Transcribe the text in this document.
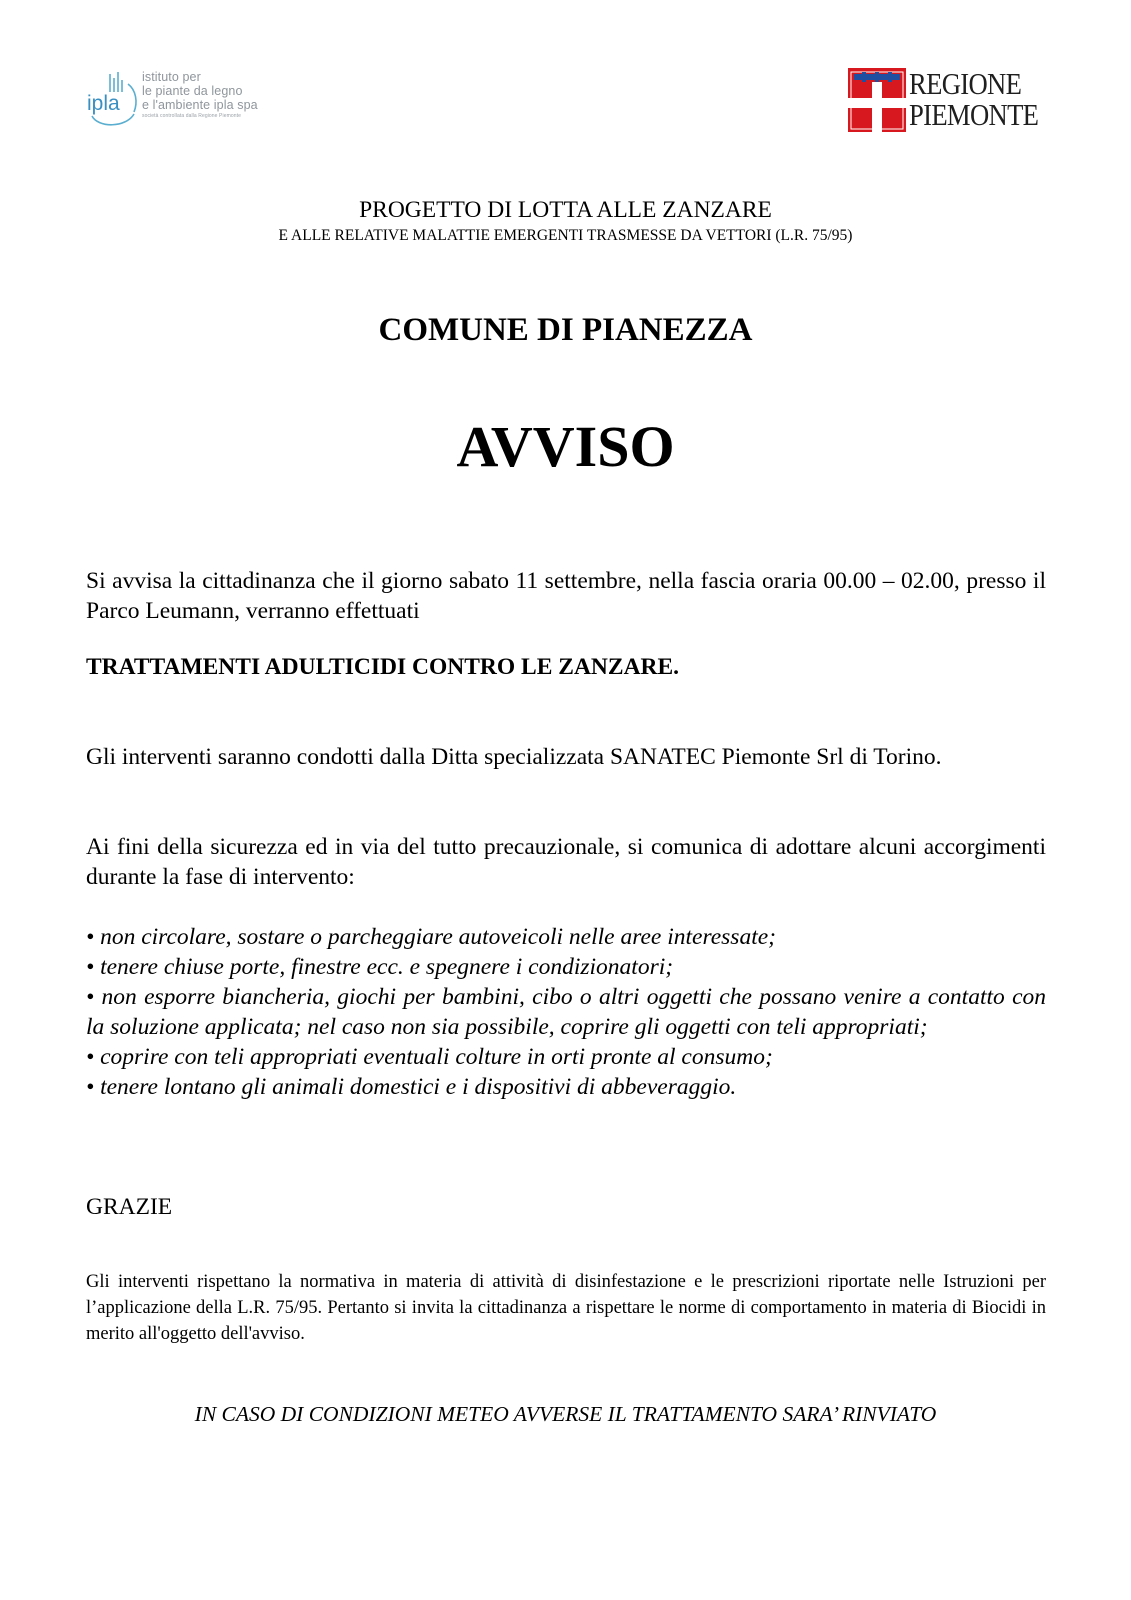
ipla
istituto per
le piante da legno
e l'ambiente ipla spa
società controllata dalla Regione Piemonte
REGIONE
PIEMONTE
PROGETTO DI LOTTA ALLE ZANZARE
E ALLE RELATIVE MALATTIE EMERGENTI TRASMESSE DA VETTORI (L.R. 75/95)
COMUNE DI PIANEZZA
AVVISO
Si avvisa la cittadinanza che il giorno sabato 11 settembre, nella fascia oraria 00.00 – 02.00, presso il Parco Leumann, verranno effettuati
TRATTAMENTI ADULTICIDI CONTRO LE ZANZARE.
Gli interventi saranno condotti dalla Ditta specializzata SANATEC Piemonte Srl di Torino.
Ai fini della sicurezza ed in via del tutto precauzionale, si comunica di adottare alcuni accorgimenti durante la fase di intervento:
• non circolare, sostare o parcheggiare autoveicoli nelle aree interessate;
• tenere chiuse porte, finestre ecc. e spegnere i condizionatori;
• non esporre biancheria, giochi per bambini, cibo o altri oggetti che possano venire a contatto con la soluzione applicata; nel caso non sia possibile, coprire gli oggetti con teli appropriati;
• coprire con teli appropriati eventuali colture in orti pronte al consumo;
• tenere lontano gli animali domestici e i dispositivi di abbeveraggio.
GRAZIE
Gli interventi rispettano la normativa in materia di attività di disinfestazione e le prescrizioni riportate nelle Istruzioni per l’applicazione della L.R. 75/95. Pertanto si invita la cittadinanza a rispettare le norme di comportamento in materia di Biocidi in merito all'oggetto dell'avviso.
IN CASO DI CONDIZIONI METEO AVVERSE IL TRATTAMENTO SARA’ RINVIATO
